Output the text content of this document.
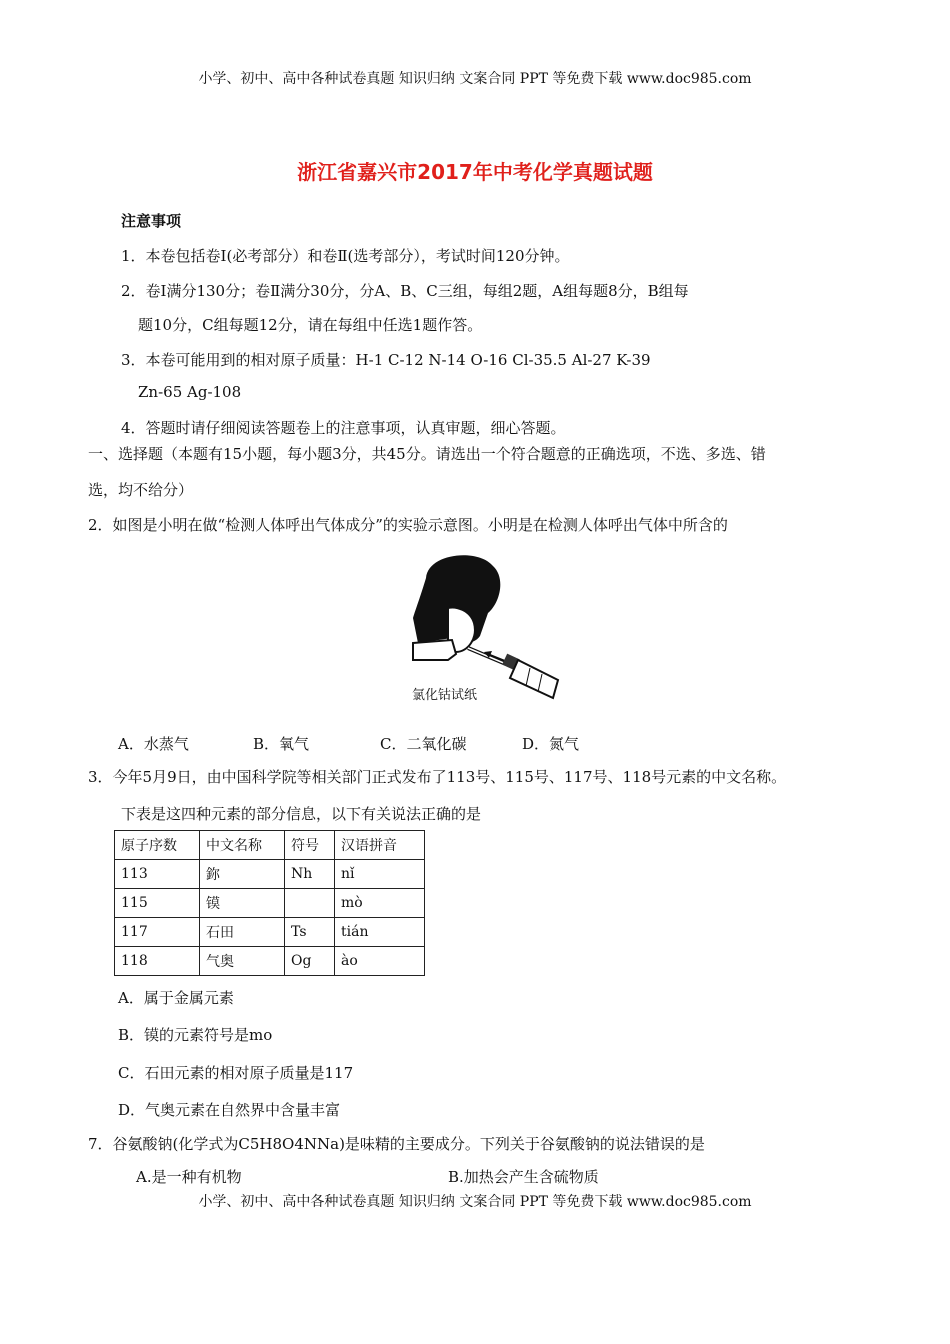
小学、初中、高中各种试卷真题 知识归纳 文案合同 PPT 等免费下载 www.doc985.com
浙江省嘉兴市2017年中考化学真题试题
注意事项
1．本卷包括卷Ⅰ(必考部分）和卷Ⅱ(选考部分），考试时间120分钟。
2．卷Ⅰ满分130分；卷Ⅱ满分30分，分A、B、C三组，每组2题，A组每题8分，B组每
题10分，C组每题12分，请在每组中任选1题作答。
3．本卷可能用到的相对原子质量：H-1 C-12 N-14 O-16 Cl-35.5 Al-27 K-39
Zn-65 Ag-108
4．答题时请仔细阅读答题卷上的注意事项，认真审题，细心答题。
一、选择题（本题有15小题，每小题3分，共45分。请选出一个符合题意的正确选项，不选、多选、错
选，均不给分）
2．如图是小明在做“检测人体呼出气体成分”的实验示意图。小明是在检测人体呼出气体中所含的
氯化钴试纸
A．水蒸气	B．氧气	C．二氧化碳	D．氮气
3．今年5月9日，由中国科学院等相关部门正式发布了113号、115号、117号、118号元素的中文名称。
下表是这四种元素的部分信息，以下有关说法正确的是
原子序数	中文名称	符号	汉语拼音
113	鉨	Nh	nǐ
115	镆		mò
117	石田	Ts	tián
118	气奥	Og	ào
A．属于金属元素
B．镆的元素符号是mo
C．石田元素的相对原子质量是117
D．气奥元素在自然界中含量丰富
7．谷氨酸钠(化学式为C5H8O4NNa)是味精的主要成分。下列关于谷氨酸钠的说法错误的是
A.是一种有机物	B.加热会产生含硫物质
小学、初中、高中各种试卷真题 知识归纳 文案合同 PPT 等免费下载 www.doc985.com
